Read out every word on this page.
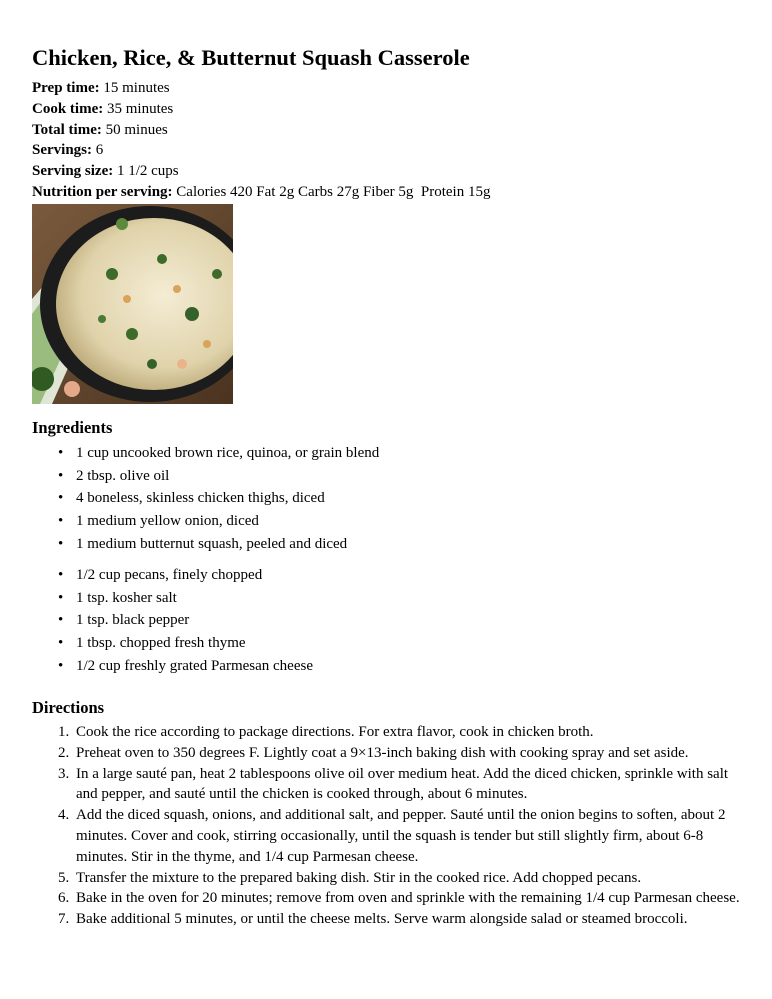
Chicken, Rice, & Butternut Squash Casserole
Prep time: 15 minutes
Cook time: 35 minutes
Total time: 50 minues
Servings: 6
Serving size: 1 1/2 cups
Nutrition per serving: Calories 420 Fat 2g Carbs 27g Fiber 5g  Protein 15g
Ingredients
• 1 cup uncooked brown rice, quinoa, or grain blend
• 2 tbsp. olive oil
• 4 boneless, skinless chicken thighs, diced
• 1 medium yellow onion, diced
• 1 medium butternut squash, peeled and diced
• 1/2 cup pecans, finely chopped
• 1 tsp. kosher salt
• 1 tsp. black pepper
• 1 tbsp. chopped fresh thyme
• 1/2 cup freshly grated Parmesan cheese
Directions
1. Cook the rice according to package directions. For extra flavor, cook in chicken broth.
2. Preheat oven to 350 degrees F. Lightly coat a 9×13-inch baking dish with cooking spray and set aside.
3. In a large sauté pan, heat 2 tablespoons olive oil over medium heat. Add the diced chicken, sprinkle with salt and pepper, and sauté until the chicken is cooked through, about 6 minutes.
4. Add the diced squash, onions, and additional salt, and pepper. Sauté until the onion begins to soften, about 2 minutes. Cover and cook, stirring occasionally, until the squash is tender but still slightly firm, about 6-8 minutes. Stir in the thyme, and 1/4 cup Parmesan cheese.
5. Transfer the mixture to the prepared baking dish. Stir in the cooked rice. Add chopped pecans.
6. Bake in the oven for 20 minutes; remove from oven and sprinkle with the remaining 1/4 cup Parmesan cheese.
7. Bake additional 5 minutes, or until the cheese melts. Serve warm alongside salad or steamed broccoli.
